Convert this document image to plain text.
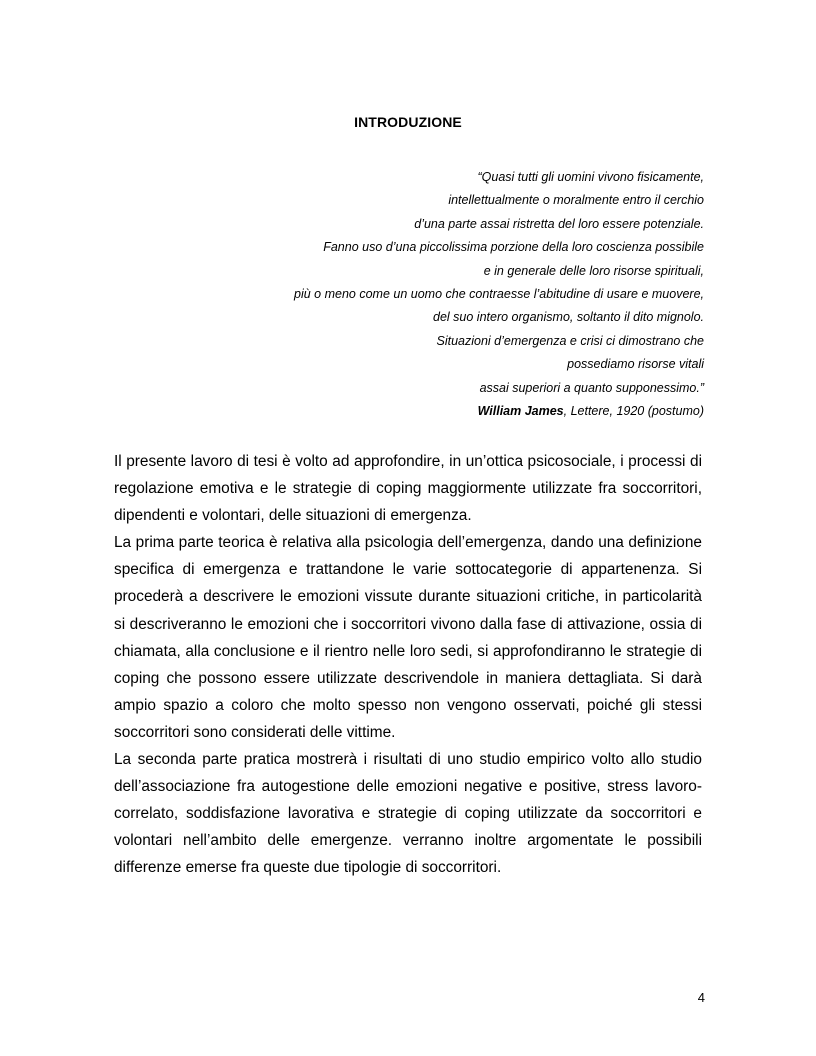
INTRODUZIONE
“Quasi tutti gli uomini vivono fisicamente,
intellettualmente o moralmente entro il cerchio
d’una parte assai ristretta del loro essere potenziale.
Fanno uso d’una piccolissima porzione della loro coscienza possibile
e in generale delle loro risorse spirituali,
più o meno come un uomo che contraesse l’abitudine di usare e muovere,
del suo intero organismo, soltanto il dito mignolo.
Situazioni d’emergenza e crisi ci dimostrano che
possediamo risorse vitali
assai superiori a quanto supponessimo.”
William James, Lettere, 1920 (postumo)

Il presente lavoro di tesi è volto ad approfondire, in un’ottica psicosociale, i processi di regolazione emotiva e le strategie di coping maggiormente utilizzate fra soccorritori, dipendenti e volontari, delle situazioni di emergenza.

La prima parte teorica è relativa alla psicologia dell’emergenza, dando una definizione specifica di emergenza e trattandone le varie sottocategorie di appartenenza. Si procederà a descrivere le emozioni vissute durante situazioni critiche, in particolarità si descriveranno le emozioni che i soccorritori vivono dalla fase di attivazione, ossia di chiamata, alla conclusione e il rientro nelle loro sedi, si approfondiranno le strategie di coping che possono essere utilizzate descrivendole in maniera dettagliata. Si darà ampio spazio a coloro che molto spesso non vengono osservati, poiché gli stessi soccorritori sono considerati delle vittime.

La seconda parte pratica mostrerà i risultati di uno studio empirico volto allo studio dell’associazione fra autogestione delle emozioni negative e positive, stress lavoro-correlato, soddisfazione lavorativa e strategie di coping utilizzate da soccorritori e volontari nell’ambito delle emergenze. verranno inoltre argomentate le possibili differenze emerse fra queste due tipologie di soccorritori.

4
